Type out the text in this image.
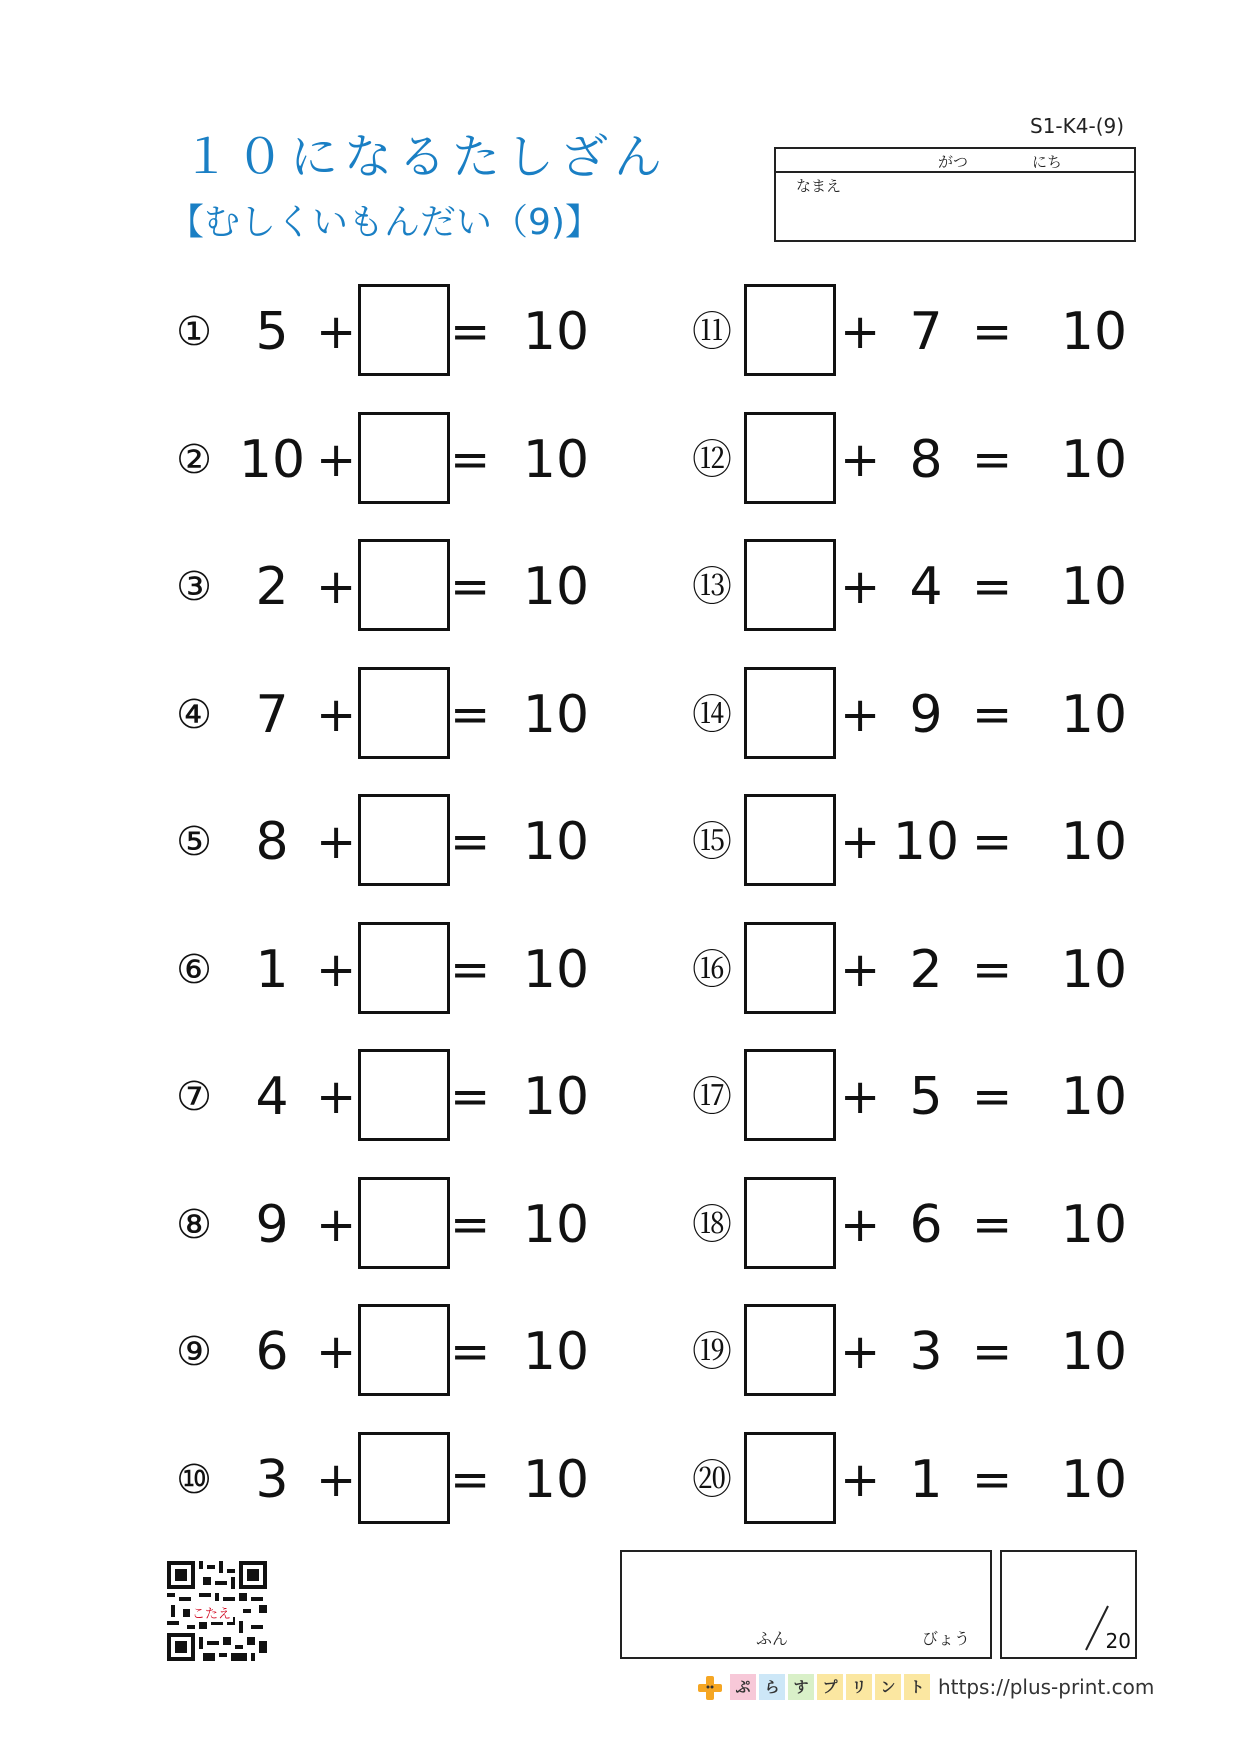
１０になるたしざん
【むしくいもんだい（9)】
S1-K4-(9)
がつ	にち
なまえ
① 5 + = 10
② 10 + = 10
③ 2 + = 10
④ 7 + = 10
⑤ 8 + = 10
⑥ 1 + = 10
⑦ 4 + = 10
⑧ 9 + = 10
⑨ 6 + = 10
⑩ 3 + = 10
⑪ + 7 = 10
⑫ + 8 = 10
⑬ + 4 = 10
⑭ + 9 = 10
⑮ + 10 = 10
⑯ + 2 = 10
⑰ + 5 = 10
⑱ + 6 = 10
⑲ + 3 = 10
⑳ + 1 = 10
こたえ
ふん	びょう	20
ぷ ら す プ リ ン ト https://plus-print.com
